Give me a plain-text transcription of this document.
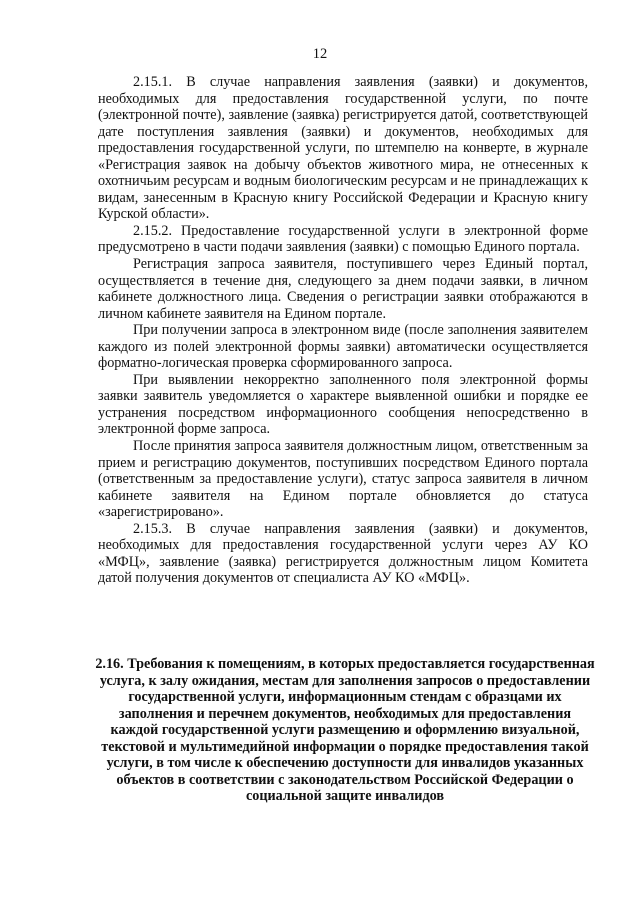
12

2.15.1. В случае направления заявления (заявки) и документов, необходимых для предоставления государственной услуги, по почте (электронной почте), заявление (заявка) регистрируется датой, соответствующей дате поступления заявления (заявки) и документов, необходимых для предоставления государственной услуги, по штемпелю на конверте, в журнале «Регистрация заявок на добычу объектов животного мира, не отнесенных к охотничьим ресурсам и водным биологическим ресурсам и не принадлежащих к видам, занесенным в Красную книгу Российской Федерации и Красную книгу Курской области».

2.15.2. Предоставление государственной услуги в электронной форме предусмотрено в части подачи заявления (заявки) с помощью Единого портала.

Регистрация запроса заявителя, поступившего через Единый портал, осуществляется в течение дня, следующего за днем подачи заявки, в личном кабинете должностного лица. Сведения о регистрации заявки отображаются в личном кабинете заявителя на Едином портале.

При получении запроса в электронном виде (после заполнения заявителем каждого из полей электронной формы заявки) автоматически осуществляется форматно-логическая проверка сформированного запроса.

При выявлении некорректно заполненного поля электронной формы заявки заявитель уведомляется о характере выявленной ошибки и порядке ее устранения посредством информационного сообщения непосредственно в электронной форме запроса.

После принятия запроса заявителя должностным лицом, ответственным за прием и регистрацию документов, поступивших посредством Единого портала (ответственным за предоставление услуги), статус запроса заявителя в личном кабинете заявителя на Едином портале обновляется до статуса «зарегистрировано».

2.15.3. В случае направления заявления (заявки) и документов, необходимых для предоставления государственной услуги через АУ КО «МФЦ», заявление (заявка) регистрируется должностным лицом Комитета датой получения документов от специалиста АУ КО «МФЦ».

2.16. Требования к помещениям, в которых предоставляется государственная услуга, к залу ожидания, местам для заполнения запросов о предоставлении государственной услуги, информационным стендам с образцами их заполнения и перечнем документов, необходимых для предоставления каждой государственной услуги размещению и оформлению визуальной, текстовой и мультимедийной информации о порядке предоставления такой услуги, в том числе к обеспечению доступности для инвалидов указанных объектов в соответствии с законодательством Российской Федерации о социальной защите инвалидов
